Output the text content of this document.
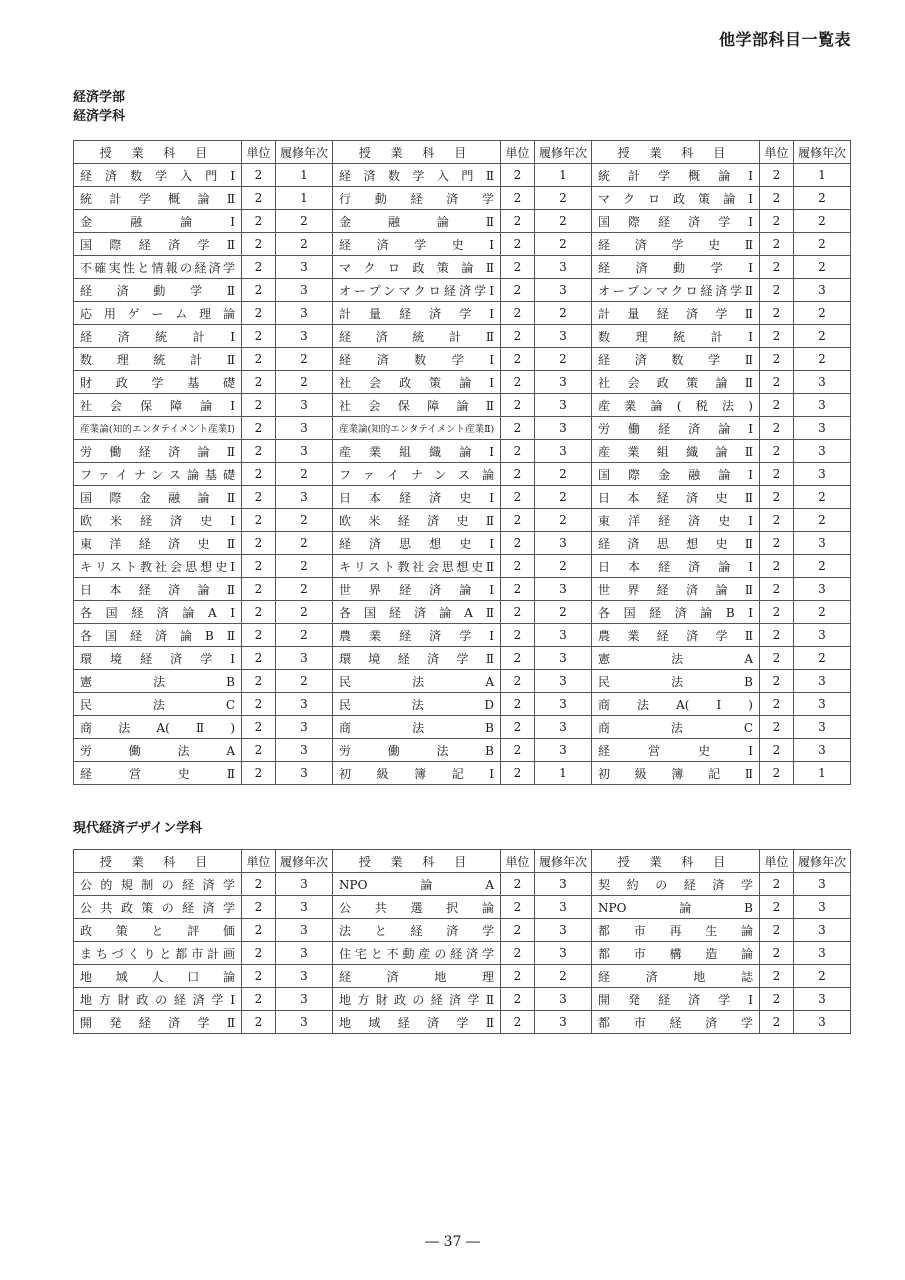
他学部科目一覧表
経済学部
経済学科
授 業 科 目	単位	履修年次		授 業 科 目	単位	履修年次		授 業 科 目	単位	履修年次
経済数学入門Ⅰ	2	1		経済数学入門Ⅱ	2	1		統計学概論Ⅰ	2	1
統計学概論Ⅱ	2	1		行動経済学	2	2		マクロ政策論Ⅰ	2	2
金融論Ⅰ	2	2		金融論Ⅱ	2	2		国際経済学Ⅰ	2	2
国際経済学Ⅱ	2	2		経済学史Ⅰ	2	2		経済学史Ⅱ	2	2
不確実性と情報の経済学	2	3		マクロ政策論Ⅱ	2	3		経済動学Ⅰ	2	2
経済動学Ⅱ	2	3		オープンマクロ経済学Ⅰ	2	3		オープンマクロ経済学Ⅱ	2	3
応用ゲーム理論	2	3		計量経済学Ⅰ	2	2		計量経済学Ⅱ	2	2
経済統計Ⅰ	2	3		経済統計Ⅱ	2	3		数理統計Ⅰ	2	2
数理統計Ⅱ	2	2		経済数学Ⅰ	2	2		経済数学Ⅱ	2	2
財政学基礎	2	2		社会政策論Ⅰ	2	3		社会政策論Ⅱ	2	3
社会保障論Ⅰ	2	3		社会保障論Ⅱ	2	3		産業論(税法)	2	3
産業論(知的エンタテイメント産業Ⅰ)	2	3		産業論(知的エンタテイメント産業Ⅱ)	2	3		労働経済論Ⅰ	2	3
労働経済論Ⅱ	2	3		産業組織論Ⅰ	2	3		産業組織論Ⅱ	2	3
ファイナンス論基礎	2	2		ファイナンス論	2	2		国際金融論Ⅰ	2	3
国際金融論Ⅱ	2	3		日本経済史Ⅰ	2	2		日本経済史Ⅱ	2	2
欧米経済史Ⅰ	2	2		欧米経済史Ⅱ	2	2		東洋経済史Ⅰ	2	2
東洋経済史Ⅱ	2	2		経済思想史Ⅰ	2	3		経済思想史Ⅱ	2	3
キリスト教社会思想史Ⅰ	2	2		キリスト教社会思想史Ⅱ	2	2		日本経済論Ⅰ	2	2
日本経済論Ⅱ	2	2		世界経済論Ⅰ	2	3		世界経済論Ⅱ	2	3
各国経済論AⅠ	2	2		各国経済論AⅡ	2	2		各国経済論BⅠ	2	2
各国経済論BⅡ	2	2		農業経済学Ⅰ	2	3		農業経済学Ⅱ	2	3
環境経済学Ⅰ	2	3		環境経済学Ⅱ	2	3		憲法A	2	2
憲法B	2	2		民法A	2	3		民法B	2	3
民法C	2	3		民法D	2	3		商法A(Ⅰ)	2	3
商法A(Ⅱ)	2	3		商法B	2	3		商法C	2	3
労働法A	2	3		労働法B	2	3		経営史Ⅰ	2	3
経営史Ⅱ	2	3		初級簿記Ⅰ	2	1		初級簿記Ⅱ	2	1
現代経済デザイン学科
授 業 科 目	単位	履修年次		授 業 科 目	単位	履修年次		授 業 科 目	単位	履修年次
公的規制の経済学	2	3		NPO論A	2	3		契約の経済学	2	3
公共政策の経済学	2	3		公共選択論	2	3		NPO論B	2	3
政策と評価	2	3		法と経済学	2	3		都市再生論	2	3
まちづくりと都市計画	2	3		住宅と不動産の経済学	2	3		都市構造論	2	3
地域人口論	2	3		経済地理	2	2		経済地誌	2	2
地方財政の経済学Ⅰ	2	3		地方財政の経済学Ⅱ	2	3		開発経済学Ⅰ	2	3
開発経済学Ⅱ	2	3		地域経済学Ⅱ	2	3		都市経済学	2	3
― 37 ―
